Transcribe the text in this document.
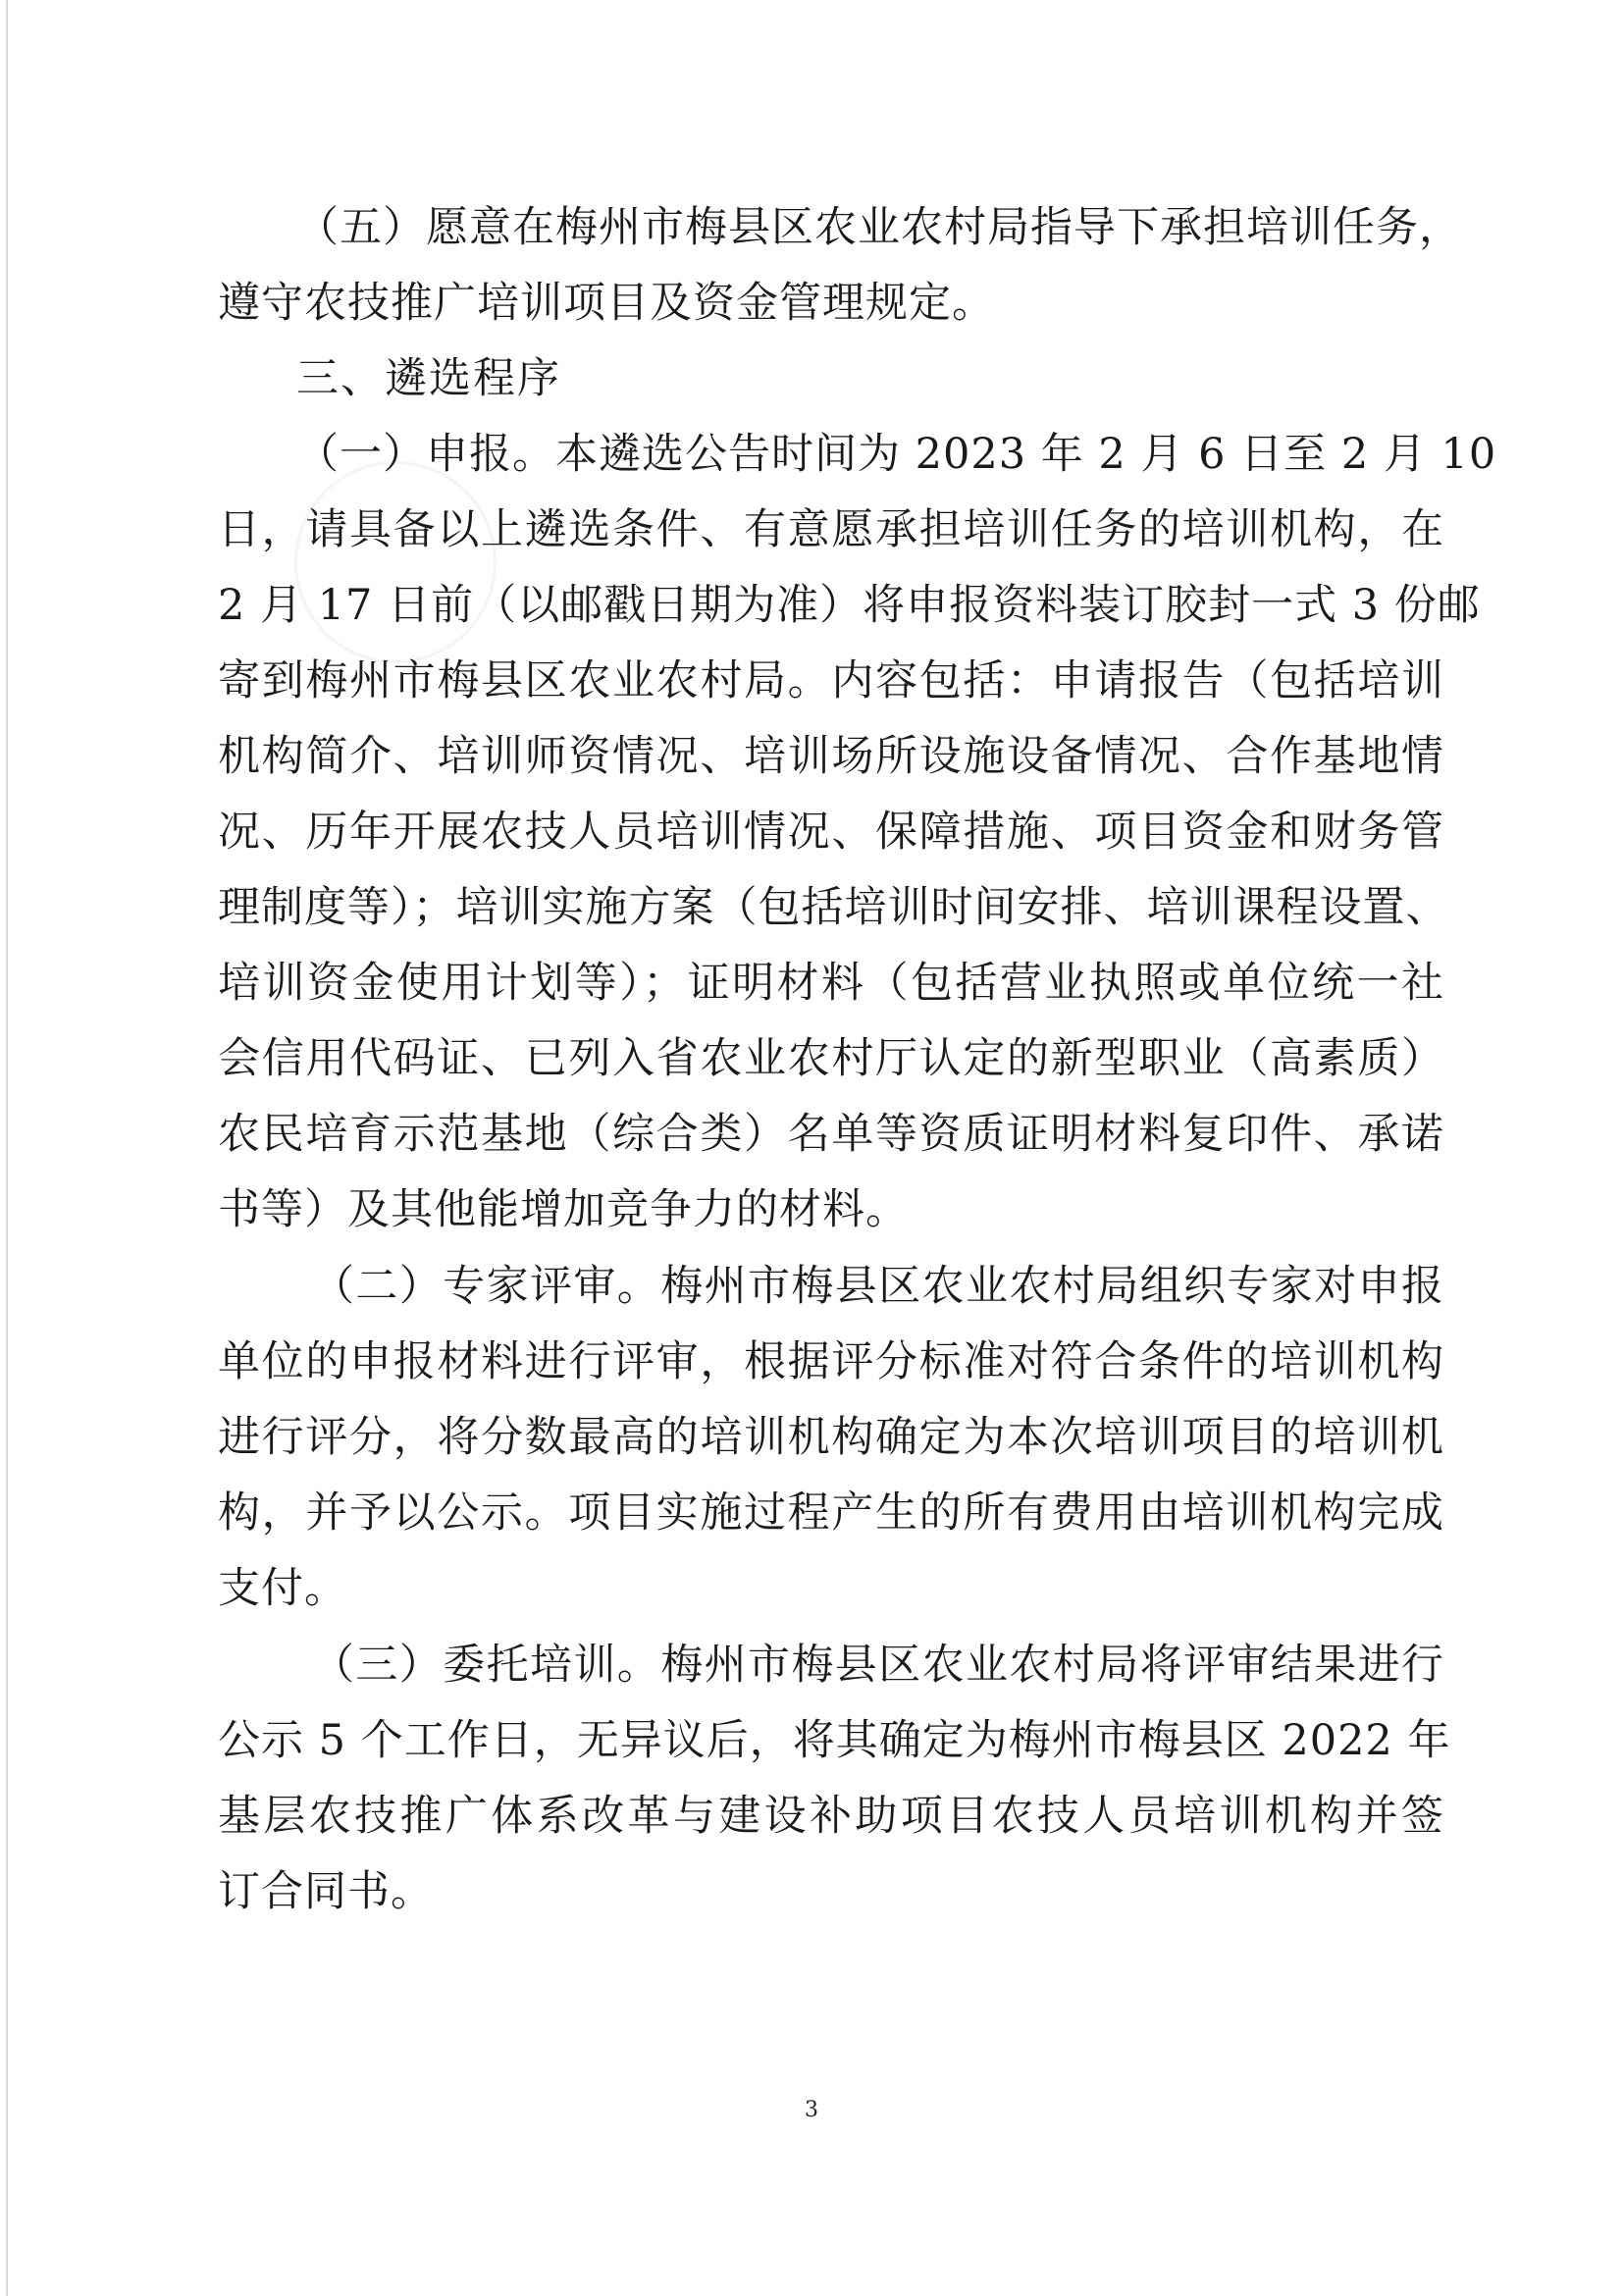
（五）愿意在梅州市梅县区农业农村局指导下承担培训任务，
遵守农技推广培训项目及资金管理规定。
三、遴选程序
（一）申报。本遴选公告时间为 2023 年 2 月 6 日至 2 月 10
日，请具备以上遴选条件、有意愿承担培训任务的培训机构，在
2 月 17 日前（以邮戳日期为准）将申报资料装订胶封一式 3 份邮
寄到梅州市梅县区农业农村局。内容包括：申请报告（包括培训
机构简介、培训师资情况、培训场所设施设备情况、合作基地情
况、历年开展农技人员培训情况、保障措施、项目资金和财务管
理制度等）；培训实施方案（包括培训时间安排、培训课程设置、
培训资金使用计划等）；证明材料（包括营业执照或单位统一社
会信用代码证、已列入省农业农村厅认定的新型职业（高素质）
农民培育示范基地（综合类）名单等资质证明材料复印件、承诺
书等）及其他能增加竞争力的材料。
（二）专家评审。梅州市梅县区农业农村局组织专家对申报
单位的申报材料进行评审，根据评分标准对符合条件的培训机构
进行评分，将分数最高的培训机构确定为本次培训项目的培训机
构，并予以公示。项目实施过程产生的所有费用由培训机构完成
支付。
（三）委托培训。梅州市梅县区农业农村局将评审结果进行
公示 5 个工作日，无异议后，将其确定为梅州市梅县区 2022 年
基层农技推广体系改革与建设补助项目农技人员培训机构并签
订合同书。
3
